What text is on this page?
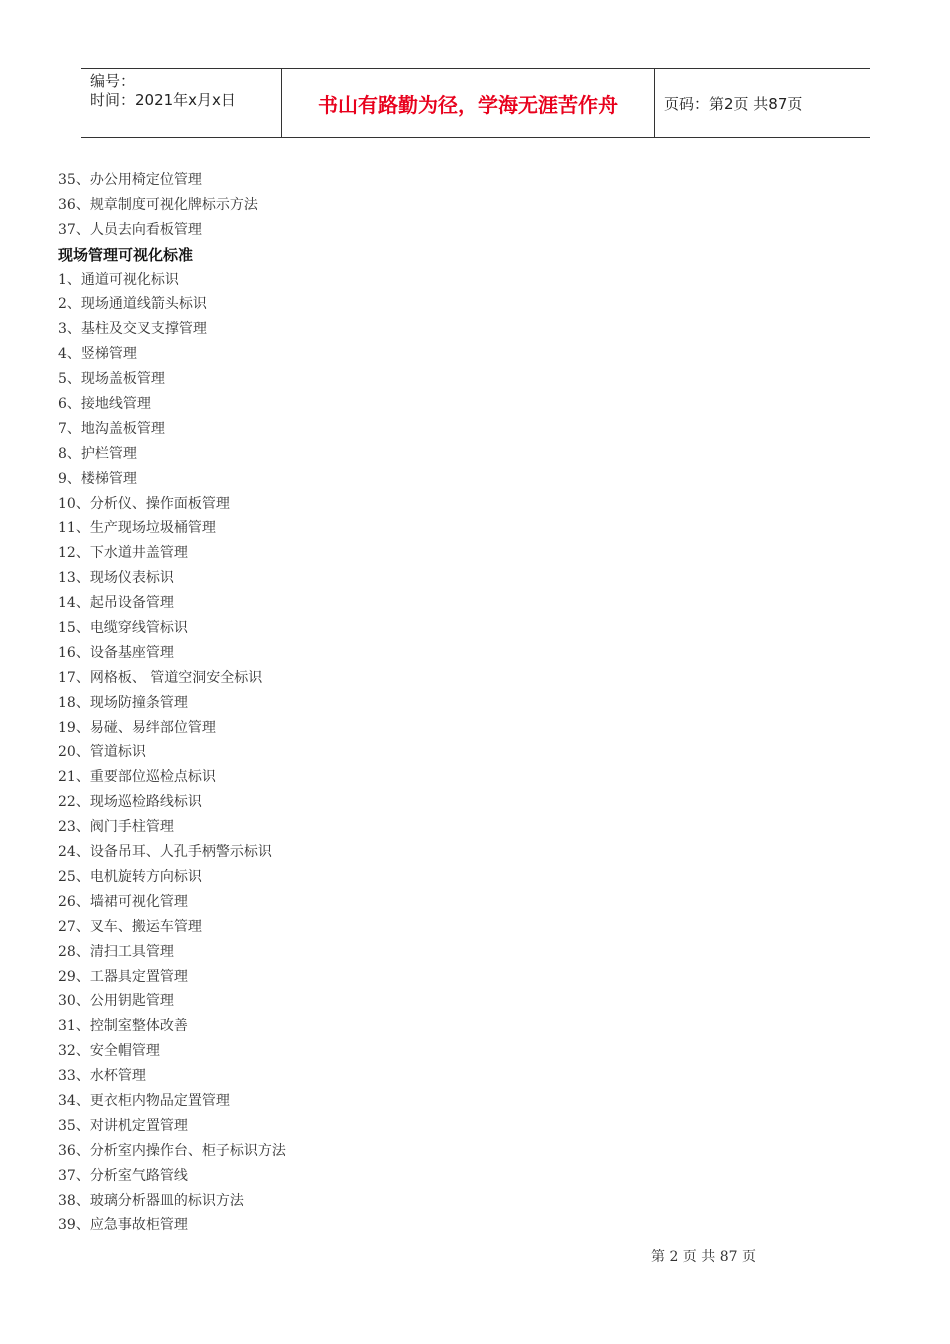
编号：
时间：2021年x月x日	书山有路勤为径，学海无涯苦作舟	页码：第2页 共87页
35、办公用椅定位管理
36、规章制度可视化牌标示方法
37、人员去向看板管理
现场管理可视化标准
1、通道可视化标识
2、现场通道线箭头标识
3、基柱及交叉支撑管理
4、竖梯管理
5、现场盖板管理
6、接地线管理
7、地沟盖板管理
8、护栏管理
9、楼梯管理
10、分析仪、操作面板管理
11、生产现场垃圾桶管理
12、下水道井盖管理
13、现场仪表标识
14、起吊设备管理
15、电缆穿线管标识
16、设备基座管理
17、网格板、 管道空洞安全标识
18、现场防撞条管理
19、易碰、易绊部位管理
20、管道标识
21、重要部位巡检点标识
22、现场巡检路线标识
23、阀门手柱管理
24、设备吊耳、人孔手柄警示标识
25、电机旋转方向标识
26、墙裙可视化管理
27、叉车、搬运车管理
28、清扫工具管理
29、工器具定置管理
30、公用钥匙管理
31、控制室整体改善
32、安全帽管理
33、水杯管理
34、更衣柜内物品定置管理
35、对讲机定置管理
36、分析室内操作台、柜子标识方法
37、分析室气路管线
38、玻璃分析器皿的标识方法
39、应急事故柜管理
第 2 页 共 87 页
